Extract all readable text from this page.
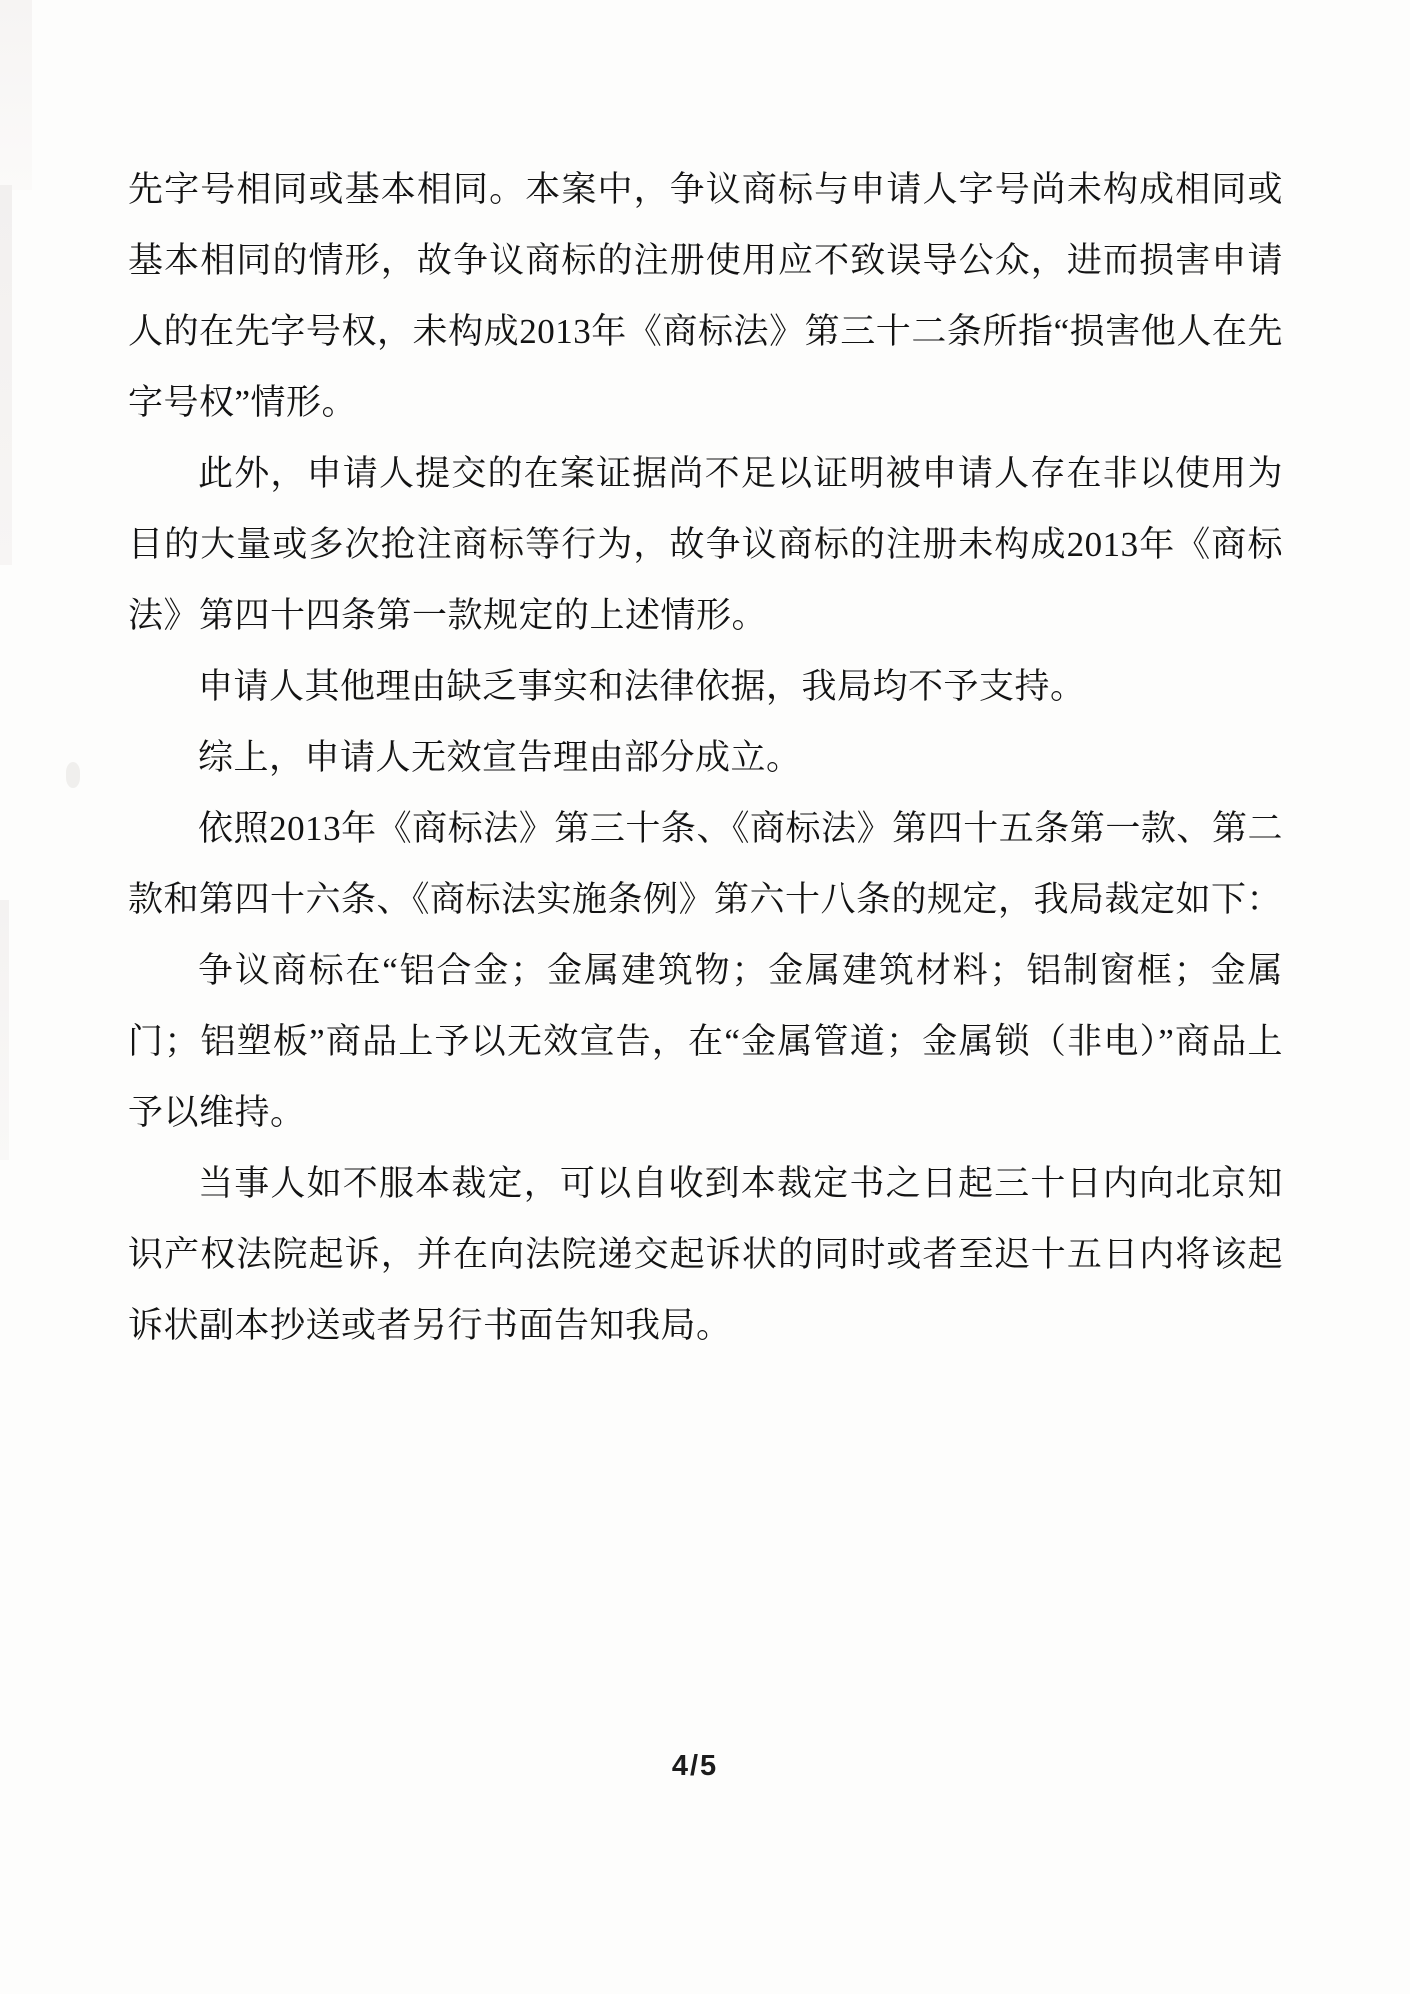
先字号相同或基本相同。本案中，争议商标与申请人字号尚未构成相同或基本相同的情形，故争议商标的注册使用应不致误导公众，进而损害申请人的在先字号权，未构成2013年《商标法》第三十二条所指“损害他人在先字号权”情形。

此外，申请人提交的在案证据尚不足以证明被申请人存在非以使用为目的大量或多次抢注商标等行为，故争议商标的注册未构成2013年《商标法》第四十四条第一款规定的上述情形。

申请人其他理由缺乏事实和法律依据，我局均不予支持。

综上，申请人无效宣告理由部分成立。

依照2013年《商标法》第三十条、《商标法》第四十五条第一款、第二款和第四十六条、《商标法实施条例》第六十八条的规定，我局裁定如下：

争议商标在“铝合金；金属建筑物；金属建筑材料；铝制窗框；金属门；铝塑板”商品上予以无效宣告，在“金属管道；金属锁（非电）”商品上予以维持。

当事人如不服本裁定，可以自收到本裁定书之日起三十日内向北京知识产权法院起诉，并在向法院递交起诉状的同时或者至迟十五日内将该起诉状副本抄送或者另行书面告知我局。

4/5
